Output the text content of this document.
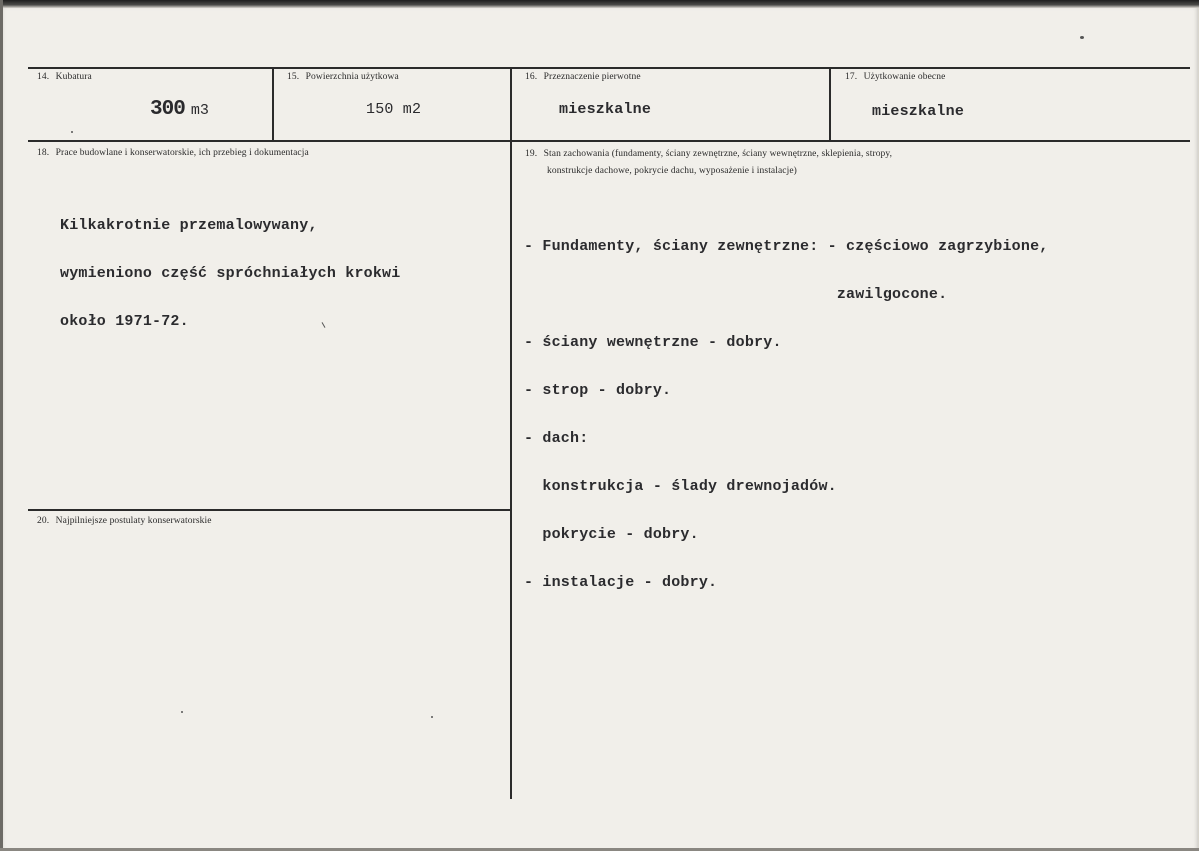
14. Kubatura
300 m3
15. Powierzchnia użytkowa
150 m2
16. Przeznaczenie pierwotne
mieszkalne
17. Użytkowanie obecne
mieszkalne
18. Prace budowlane i konserwatorskie, ich przebieg i dokumentacja

Kilkakrotnie przemalowywany,

wymieniono część spróchniałych krokwi

około 1971-72.

19. Stan zachowania (fundamenty, ściany zewnętrzne, ściany wewnętrzne, sklepienia, stropy,
konstrukcje dachowe, pokrycie dachu, wyposażenie i instalacje)

- Fundamenty, ściany zewnętrzne: - częściowo zagrzybione,

zawilgocone.

- ściany wewnętrzne - dobry.

- strop - dobry.

- dach:

konstrukcja - ślady drewnojadów.

pokrycie - dobry.

- instalacje - dobry.

20. Najpilniejsze postulaty konserwatorskie
